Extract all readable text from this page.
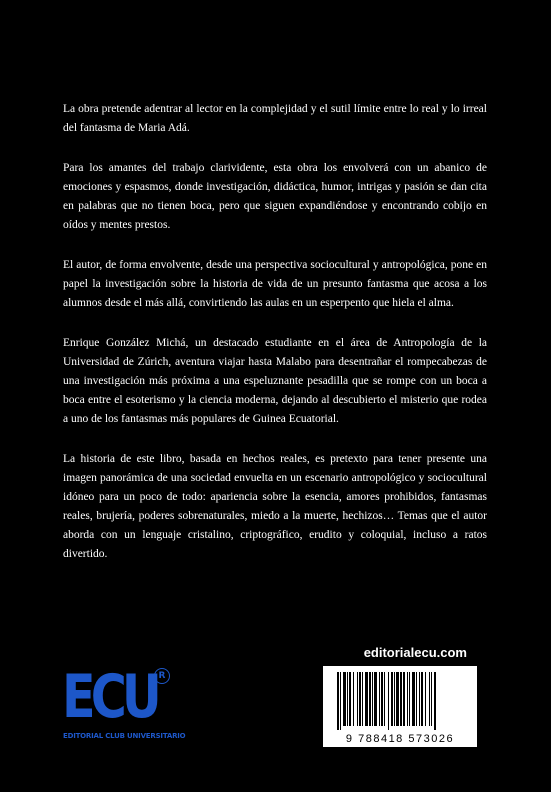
La obra pretende adentrar al lector en la complejidad y el sutil límite entre lo real y lo irreal del fantasma de Maria Adá.

Para los amantes del trabajo clarividente, esta obra los envolverá con un abanico de emociones y espasmos, donde investigación, didáctica, humor, intrigas y pasión se dan cita en palabras que no tienen boca, pero que siguen expandiéndose y encontrando cobijo en oídos y mentes prestos.

El autor, de forma envolvente, desde una perspectiva sociocultural y antropológica, pone en papel la investigación sobre la historia de vida de un presunto fantasma que acosa a los alumnos desde el más allá, convirtiendo las aulas en un esperpento que hiela el alma.

Enrique González Michá, un destacado estudiante en el área de Antropología de la Universidad de Zúrich, aventura viajar hasta Malabo para desentrañar el rompecabezas de una investigación más próxima a una espeluznante pesadilla que se rompe con un boca a boca entre el esoterismo y la ciencia moderna, dejando al descubierto el misterio que rodea a uno de los fantasmas más populares de Guinea Ecuatorial.

La historia de este libro, basada en hechos reales, es pretexto para tener presente una imagen panorámica de una sociedad envuelta en un escenario antropológico y sociocultural idóneo para un poco de todo: apariencia sobre la esencia, amores prohibidos, fantasmas reales, brujería, poderes sobrenaturales, miedo a la muerte, hechizos… Temas que el autor aborda con un lenguaje cristalino, criptográfico, erudito y coloquial, incluso a ratos divertido.

ECU R
EDITORIAL CLUB UNIVERSITARIO
editorialecu.com
9 788418 573026
